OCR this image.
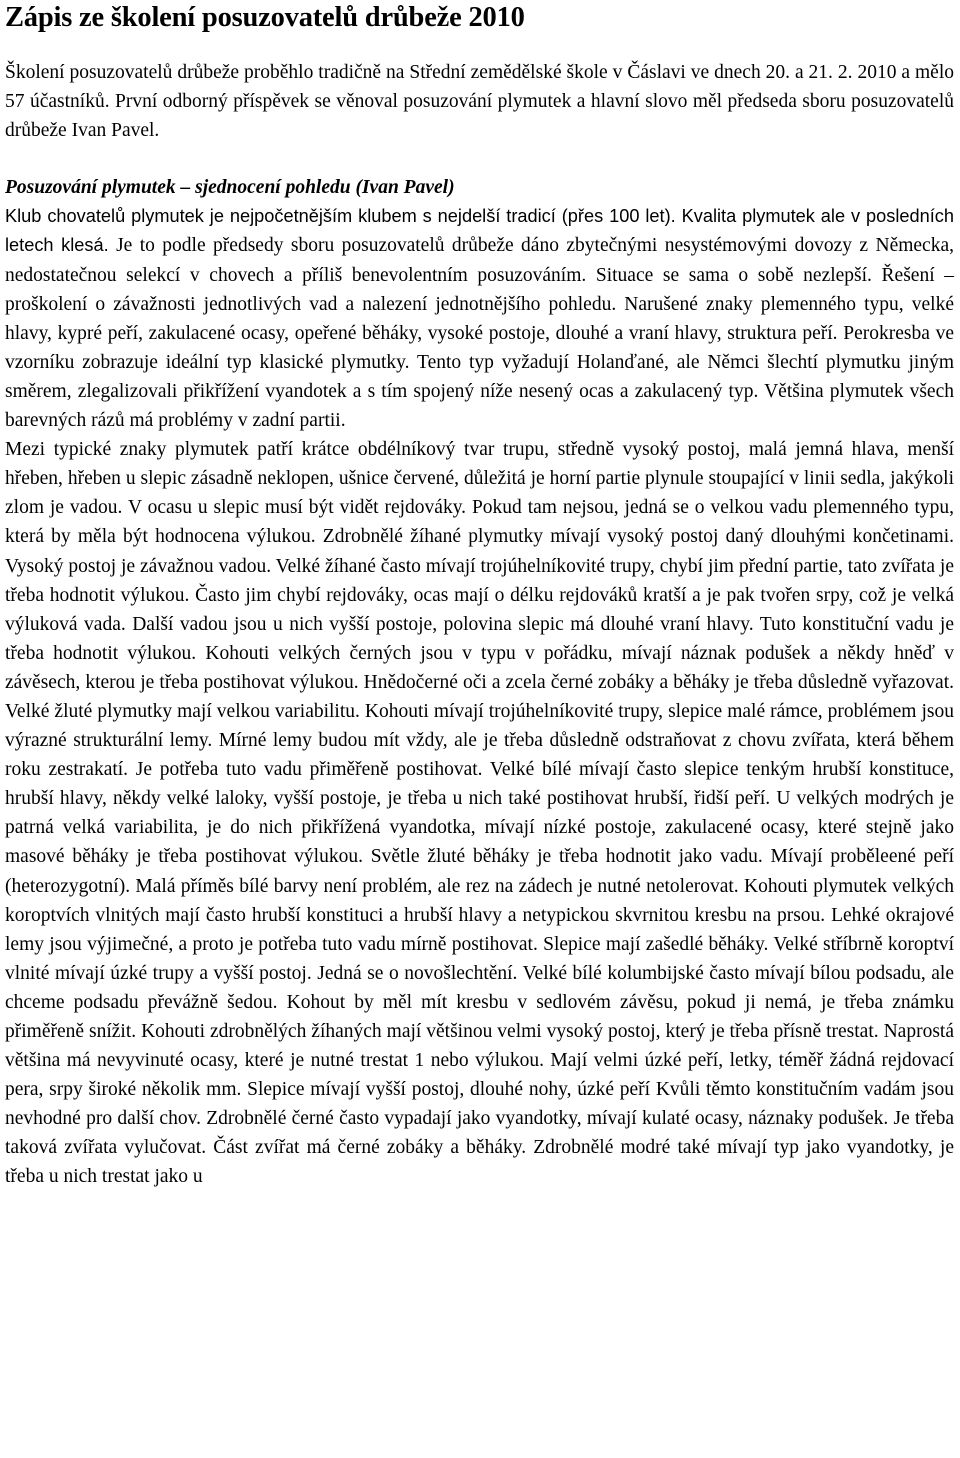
Zápis ze školení posuzovatelů drůbeže 2010

Školení posuzovatelů drůbeže proběhlo tradičně na Střední zemědělské škole v Čáslavi ve dnech 20. a 21. 2. 2010 a mělo 57 účastníků. První odborný příspěvek se věnoval posuzování plymutek a hlavní slovo měl předseda sboru posuzovatelů drůbeže Ivan Pavel.

Posuzování plymutek – sjednocení pohledu (Ivan Pavel)
Klub chovatelů plymutek je nejpočetnějším klubem s nejdelší tradicí (přes 100 let). Kvalita plymutek ale v posledních letech klesá. Je to podle předsedy sboru posuzovatelů drůbeže dáno zbytečnými nesystémovými dovozy z Německa, nedostatečnou selekcí v chovech a příliš benevolentním posuzováním. Situace se sama o sobě nezlepší. Řešení – proškolení o závažnosti jednotlivých vad a nalezení jednotnějšího pohledu. Narušené znaky plemenného typu, velké hlavy, kypré peří, zakulacené ocasy, opeřené běháky, vysoké postoje, dlouhé a vraní hlavy, struktura peří. Perokresba ve vzorníku zobrazuje ideální typ klasické plymutky. Tento typ vyžadují Holanďané, ale Němci šlechtí plymutku jiným směrem, zlegalizovali přikřížení vyandotek a s tím spojený níže nesený ocas a zakulacený typ. Většina plymutek všech barevných rázů má problémy v zadní partii.

Mezi typické znaky plymutek patří krátce obdélníkový tvar trupu, středně vysoký postoj, malá jemná hlava, menší hřeben, hřeben u slepic zásadně neklopen, ušnice červené, důležitá je horní partie plynule stoupající v linii sedla, jakýkoli zlom je vadou. V ocasu u slepic musí být vidět rejdováky. Pokud tam nejsou, jedná se o velkou vadu plemenného typu, která by měla být hodnocena výlukou. Zdrobnělé žíhané plymutky mívají vysoký postoj daný dlouhými končetinami. Vysoký postoj je závažnou vadou. Velké žíhané často mívají trojúhelníkovité trupy, chybí jim přední partie, tato zvířata je třeba hodnotit výlukou. Často jim chybí rejdováky, ocas mají o délku rejdováků kratší a je pak tvořen srpy, což je velká výluková vada. Další vadou jsou u nich vyšší postoje, polovina slepic má dlouhé vraní hlavy. Tuto konstituční vadu je třeba hodnotit výlukou. Kohouti velkých černých jsou v typu v pořádku, mívají náznak podušek a někdy hněď v závěsech, kterou je třeba postihovat výlukou. Hnědočerné oči a zcela černé zobáky a běháky je třeba důsledně vyřazovat. Velké žluté plymutky mají velkou variabilitu. Kohouti mívají trojúhelníkovité trupy, slepice malé rámce, problémem jsou výrazné strukturální lemy. Mírné lemy budou mít vždy, ale je třeba důsledně odstraňovat z chovu zvířata, která během roku zestrakatí. Je potřeba tuto vadu přiměřeně postihovat. Velké bílé mívají často slepice tenkým hrubší konstituce, hrubší hlavy, někdy velké laloky, vyšší postoje, je třeba u nich také postihovat hrubší, řidší peří. U velkých modrých je patrná velká variabilita, je do nich přikřížená vyandotka, mívají nízké postoje, zakulacené ocasy, které stejně jako masové běháky je třeba postihovat výlukou. Světle žluté běháky je třeba hodnotit jako vadu. Mívají proběleené peří (heterozygotní). Malá příměs bílé barvy není problém, ale rez na zádech je nutné netolerovat. Kohouti plymutek velkých koroptvích vlnitých mají často hrubší konstituci a hrubší hlavy a netypickou skvrnitou kresbu na prsou. Lehké okrajové lemy jsou výjimečné, a proto je potřeba tuto vadu mírně postihovat. Slepice mají zašedlé běháky. Velké stříbrně koroptví vlnité mívají úzké trupy a vyšší postoj. Jedná se o novošlechtění. Velké bílé kolumbijské často mívají bílou podsadu, ale chceme podsadu převážně šedou. Kohout by měl mít kresbu v sedlovém závěsu, pokud ji nemá, je třeba známku přiměřeně snížit. Kohouti zdrobnělých žíhaných mají většinou velmi vysoký postoj, který je třeba přísně trestat. Naprostá většina má nevyvinuté ocasy, které je nutné trestat 1 nebo výlukou. Mají velmi úzké peří, letky, téměř žádná rejdovací pera, srpy široké několik mm. Slepice mívají vyšší postoj, dlouhé nohy, úzké peří Kvůli těmto konstitučním vadám jsou nevhodné pro další chov. Zdrobnělé černé často vypadají jako vyandotky, mívají kulaté ocasy, náznaky podušek. Je třeba taková zvířata vylučovat. Část zvířat má černé zobáky a běháky. Zdrobnělé modré také mívají typ jako vyandotky, je třeba u nich trestat jako u
